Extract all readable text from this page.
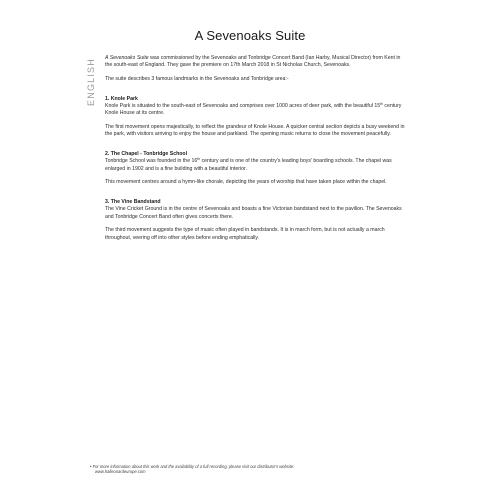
A Sevenoaks Suite
ENGLISH

A Sevenoaks Suite was commissioned by the Sevenoaks and Tonbridge Concert Band (Ian Harby, Musical Director) from Kent in the south-east of England. They gave the premiere on 17th March 2018 in St Nicholas Church, Sevenoaks.

The suite describes 3 famous landmarks in the Sevenoaks and Tonbridge area:-

1. Knole Park

Knole Park is situated to the south-east of Sevenoaks and comprises over 1000 acres of deer park, with the beautiful 15th century Knole House at its centre.

The first movement opens majestically, to reflect the grandeur of Knole House. A quicker central section depicts a busy weekend in the park, with visitors arriving to enjoy the house and parkland. The opening music returns to close the movement peacefully.

2. The Chapel - Tonbridge School

Tonbridge School was founded in the 16th century and is one of the country's leading boys' boarding schools. The chapel was enlarged in 1902 and is a fine building with a beautiful interior.

This movement centres around a hymn-like chorale, depicting the years of worship that have taken place within the chapel.

3. The Vine Bandstand

The Vine Cricket Ground is in the centre of Sevenoaks and boasts a fine Victorian bandstand next to the pavilion. The Sevenoaks and Tonbridge Concert Band often gives concerts there.

The third movement suggests the type of music often played in bandstands. It is in march form, but is not actually a march throughout, veering off into other styles before ending emphatically.

• For more information about this work and the availability of a full recording, please visit our distributor's website:
www.halleonardeurope.com
